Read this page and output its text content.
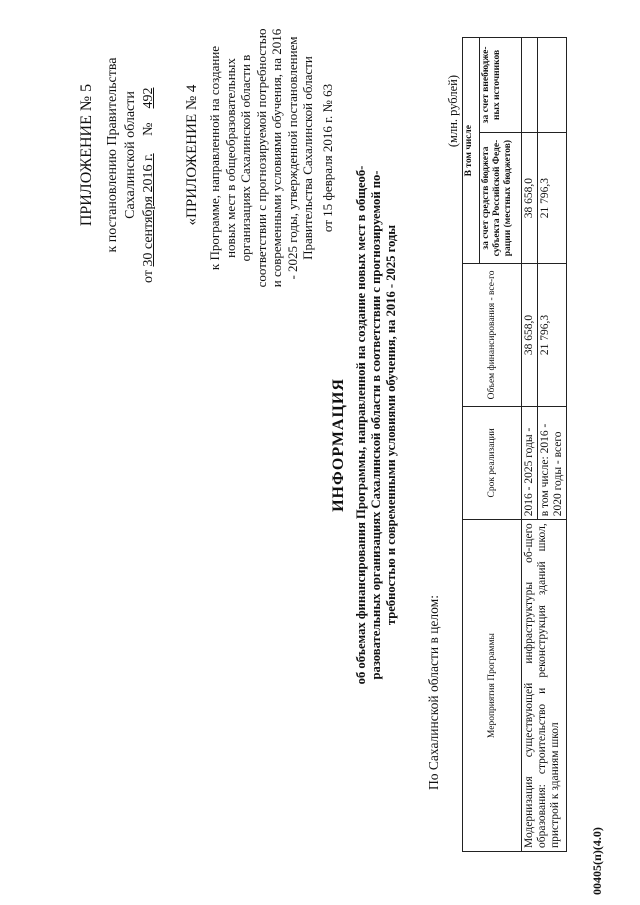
ПРИЛОЖЕНИЕ № 5 к постановлению Правительства Сахалинской области
от 30 сентября 2016 г.     №    492 «ПРИЛОЖЕНИЕ № 4 к Программе, направленной на создание новых мест в общеобразовательных организациях Сахалинской области в соответствии с прогнозируемой потребностью и современными условиями обучения, на 2016 - 2025 годы, утвержденной постановлением Правительства Сахалинской области от 15 февраля 2016 г. № 63
ИНФОРМАЦИЯ об объемах финансирования Программы, направленной на создание новых мест в общеоб- разовательных организациях Сахалинской области в соответствии с прогнозируемой по- требностью и современными условиями обучения, на 2016 - 2025 годы
По Сахалинской области в целом:
(млн. рублей)
Мероприятия Программы	Срок реализации	Объем финансирования - все-го	В том числе	
			за счет средств бюджета субъекта Российской Феде-рации (местных бюджетов)	за счет внебюдже-ных источников
Модернизация существующей инфраструктуры об-щего образования: строительство и реконструкция зданий школ, пристрой к зданиям школ	2016 - 2025 годы -	38 658,0	38 658,0	
	в том числе: 2016 - 2020 годы - всего	21 796,3	21 796,3	
00405(п)(4.0)
